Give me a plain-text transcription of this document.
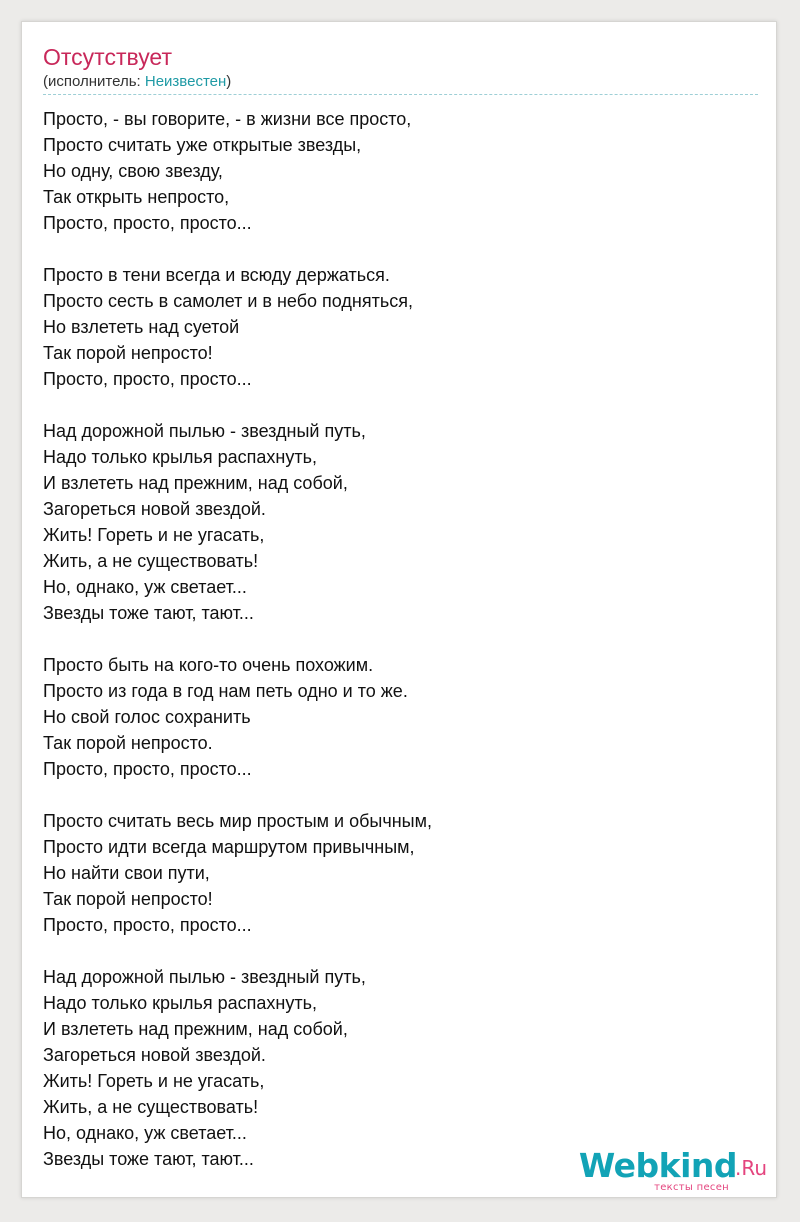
Отсутствует
(исполнитель: Неизвестен)
Просто, - вы говорите, - в жизни все просто,
Просто считать уже открытые звезды,
Но одну, свою звезду,
Так открыть непросто,
Просто, просто, просто...
Просто в тени всегда и всюду держаться.
Просто сесть в самолет и в небо подняться,
Но взлететь над суетой
Так порой непросто!
Просто, просто, просто...
Над дорожной пылью - звездный путь,
Надо только крылья распахнуть,
И взлететь над прежним, над собой,
Загореться новой звездой.
Жить! Гореть и не угасать,
Жить, а не существовать!
Но, однако, уж светает...
Звезды тоже тают, тают...
Просто быть на кого-то очень похожим.
Просто из года в год нам петь одно и то же.
Но свой голос сохранить
Так порой непросто.
Просто, просто, просто...
Просто считать весь мир простым и обычным,
Просто идти всегда маршрутом привычным,
Но найти свои пути,
Так порой непросто!
Просто, просто, просто...
Над дорожной пылью - звездный путь,
Надо только крылья распахнуть,
И взлететь над прежним, над собой,
Загореться новой звездой.
Жить! Гореть и не угасать,
Жить, а не существовать!
Но, однако, уж светает...
Звезды тоже тают, тают...	Webkind
.Ru
тексты песен
